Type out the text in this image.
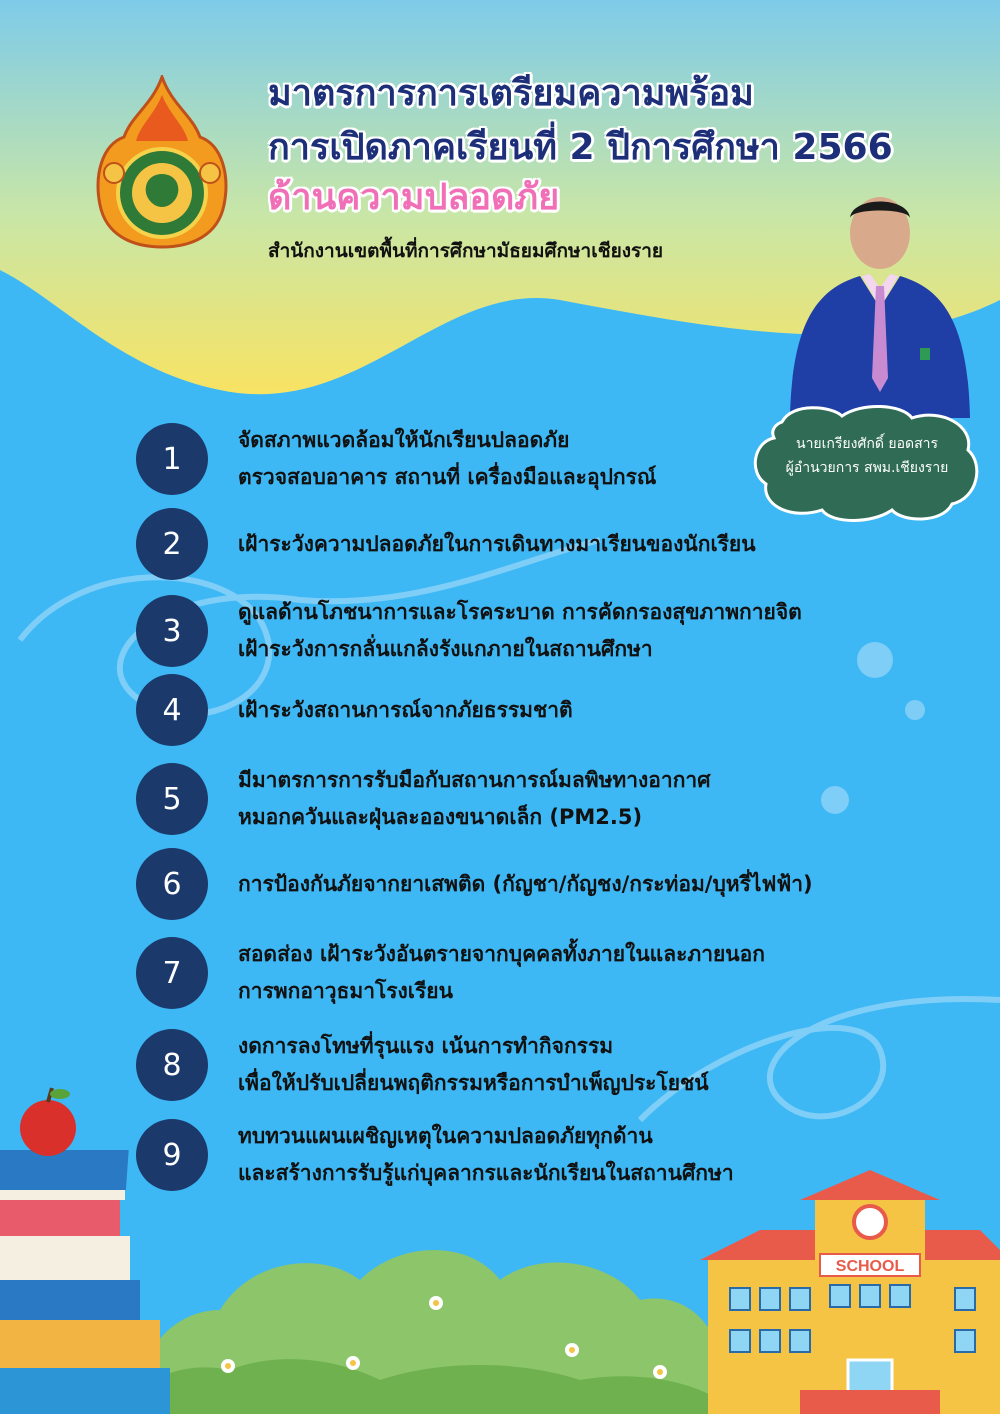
มาตรการการเตรียมความพร้อม
การเปิดภาคเรียนที่ 2 ปีการศึกษา 2566
ด้านความปลอดภัย
สำนักงานเขตพื้นที่การศึกษามัธยมศึกษาเชียงราย
นายเกรียงศักดิ์ ยอดสาร
ผู้อำนวยการ สพม.เชียงราย
1
จัดสภาพแวดล้อมให้นักเรียนปลอดภัย
ตรวจสอบอาคาร สถานที่ เครื่องมือและอุปกรณ์
2	เฝ้าระวังความปลอดภัยในการเดินทางมาเรียนของนักเรียน
3
ดูแลด้านโภชนาการและโรคระบาด การคัดกรองสุขภาพกายจิต
เฝ้าระวังการกลั่นแกล้งรังแกภายในสถานศึกษา
4	เฝ้าระวังสถานการณ์จากภัยธรรมชาติ
5
มีมาตรการการรับมือกับสถานการณ์มลพิษทางอากาศ
หมอกควันและฝุ่นละอองขนาดเล็ก (PM2.5)
6	การป้องกันภัยจากยาเสพติด (กัญชา/กัญชง/กระท่อม/บุหรี่ไฟฟ้า)
7
สอดส่อง เฝ้าระวังอันตรายจากบุคคลทั้งภายในและภายนอก
การพกอาวุธมาโรงเรียน
8
งดการลงโทษที่รุนแรง เน้นการทำกิจกรรม
เพื่อให้ปรับเปลี่ยนพฤติกรรมหรือการบำเพ็ญประโยชน์
9
ทบทวนแผนเผชิญเหตุในความปลอดภัยทุกด้าน
และสร้างการรับรู้แก่บุคลากรและนักเรียนในสถานศึกษา
SCHOOL
